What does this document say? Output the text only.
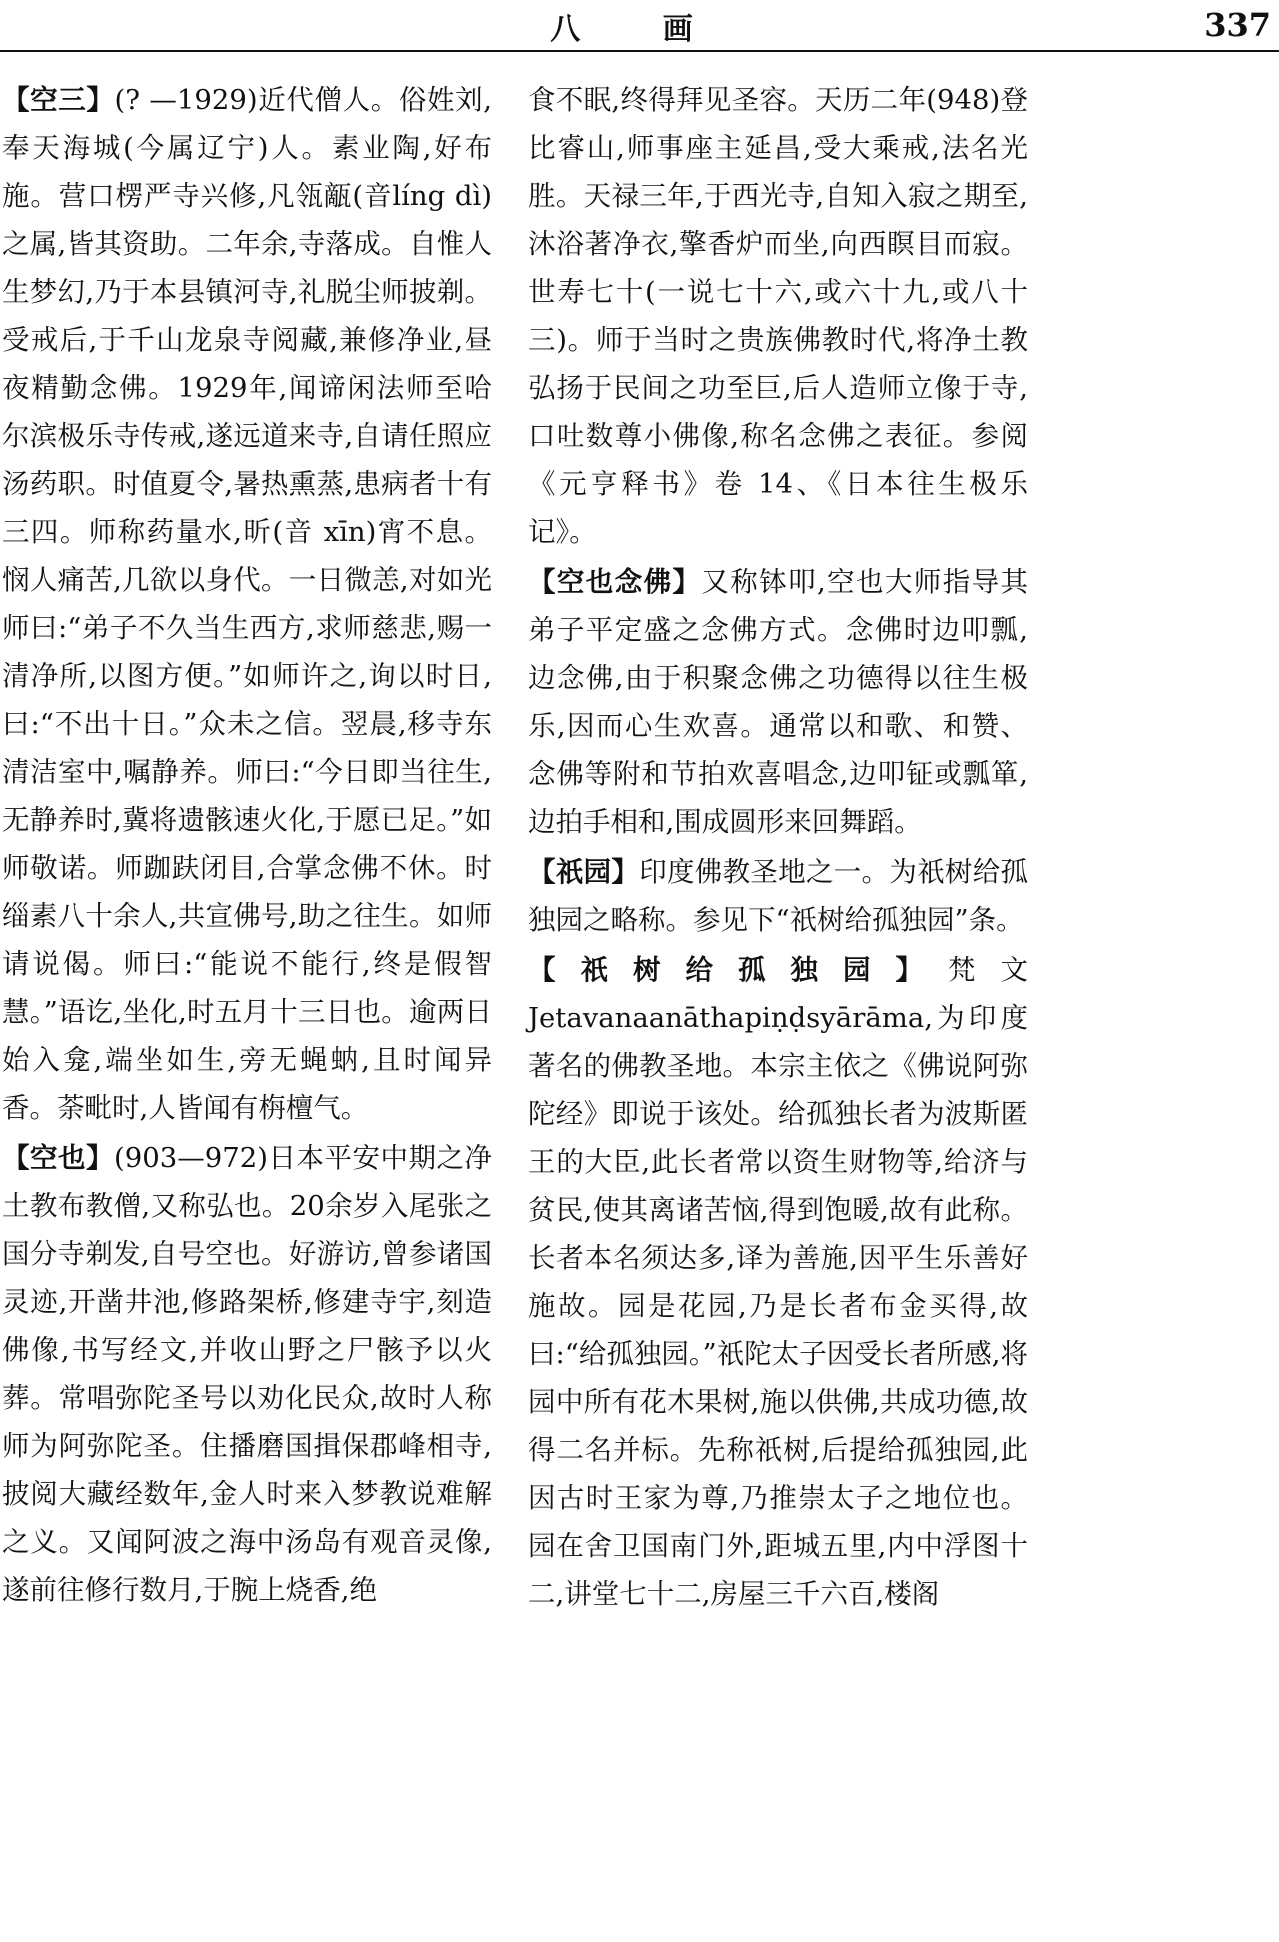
八 画	337

【 空三 】 (? —1929)近代僧人。俗姓刘,奉天海城(今属辽宁)人。素业陶,好布施。营口楞严寺兴修,凡瓴甋(音líng dì)之属,皆其资助。二年余,寺落成。自惟人生梦幻,乃于本县镇河寺,礼脱尘师披剃。受戒后,于千山龙泉寺阅藏,兼修净业,昼夜精勤念佛。1929年,闻谛闲法师至哈尔滨极乐寺传戒,遂远道来寺,自请任照应汤药职。时值夏令,暑热熏蒸,患病者十有三四。师称药量水,昕(音 xīn)宵不息。悯人痛苦,几欲以身代。一日微恙,对如光师曰:“弟子不久当生西方,求师慈悲,赐一清净所,以图方便。”如师许之,询以时日,曰:“不出十日。”众未之信。翌晨,移寺东清洁室中,嘱静养。师曰:“今日即当往生,无静养时,冀将遗骸速火化,于愿已足。”如师敬诺。师跏趺闭目,合掌念佛不休。时缁素八十余人,共宣佛号,助之往生。如师请说偈。师曰:“能说不能行,终是假智慧。”语讫,坐化,时五月十三日也。逾两日始入龛,端坐如生,旁无蝇蚋,且时闻异香。荼毗时,人皆闻有栴檀气。

【 空也 】 (903—972)日本平安中期之净土教布教僧,又称弘也。20余岁入尾张之国分寺剃发,自号空也。好游访,曾参诸国灵迹,开凿井池,修路架桥,修建寺宇,刻造佛像,书写经文,并收山野之尸骸予以火葬。常唱弥陀圣号以劝化民众,故时人称师为阿弥陀圣。住播磨国揖保郡峰相寺,披阅大藏经数年,金人时来入梦教说难解之义。又闻阿波之海中汤岛有观音灵像,遂前往修行数月,于腕上烧香,绝

食不眠,终得拜见圣容。天历二年(948)登比睿山,师事座主延昌,受大乘戒,法名光胜。天禄三年,于西光寺,自知入寂之期至,沐浴著净衣,擎香炉而坐,向西瞑目而寂。世寿七十(一说七十六,或六十九,或八十三)。师于当时之贵族佛教时代,将净土教弘扬于民间之功至巨,后人造师立像于寺,口吐数尊小佛像,称名念佛之表征。参阅《元亨释书》卷 14、《日本往生极乐记》。

【 空也念佛 】 又称钵叩,空也大师指导其弟子平定盛之念佛方式。念佛时边叩瓢,边念佛,由于积聚念佛之功德得以往生极乐,因而心生欢喜。通常以和歌、和赞、念佛等附和节拍欢喜唱念,边叩钲或瓢箪,边拍手相和,围成圆形来回舞蹈。

【 祇园 】 印度佛教圣地之一。为祇树给孤独园之略称。参见下“祇树给孤独园”条。

【 祇树给孤独园 】 梵文 Jetavanaanāthapiṇḍsyārāma,为印度著名的佛教圣地。本宗主依之《佛说阿弥陀经》即说于该处。给孤独长者为波斯匿王的大臣,此长者常以资生财物等,给济与贫民,使其离诸苦恼,得到饱暖,故有此称。长者本名须达多,译为善施,因平生乐善好施故。园是花园,乃是长者布金买得,故曰:“给孤独园。”祇陀太子因受长者所感,将园中所有花木果树,施以供佛,共成功德,故得二名并标。先称祇树,后提给孤独园,此因古时王家为尊,乃推崇太子之地位也。园在舍卫国南门外,距城五里,内中浮图十二,讲堂七十二,房屋三千六百,楼阁
